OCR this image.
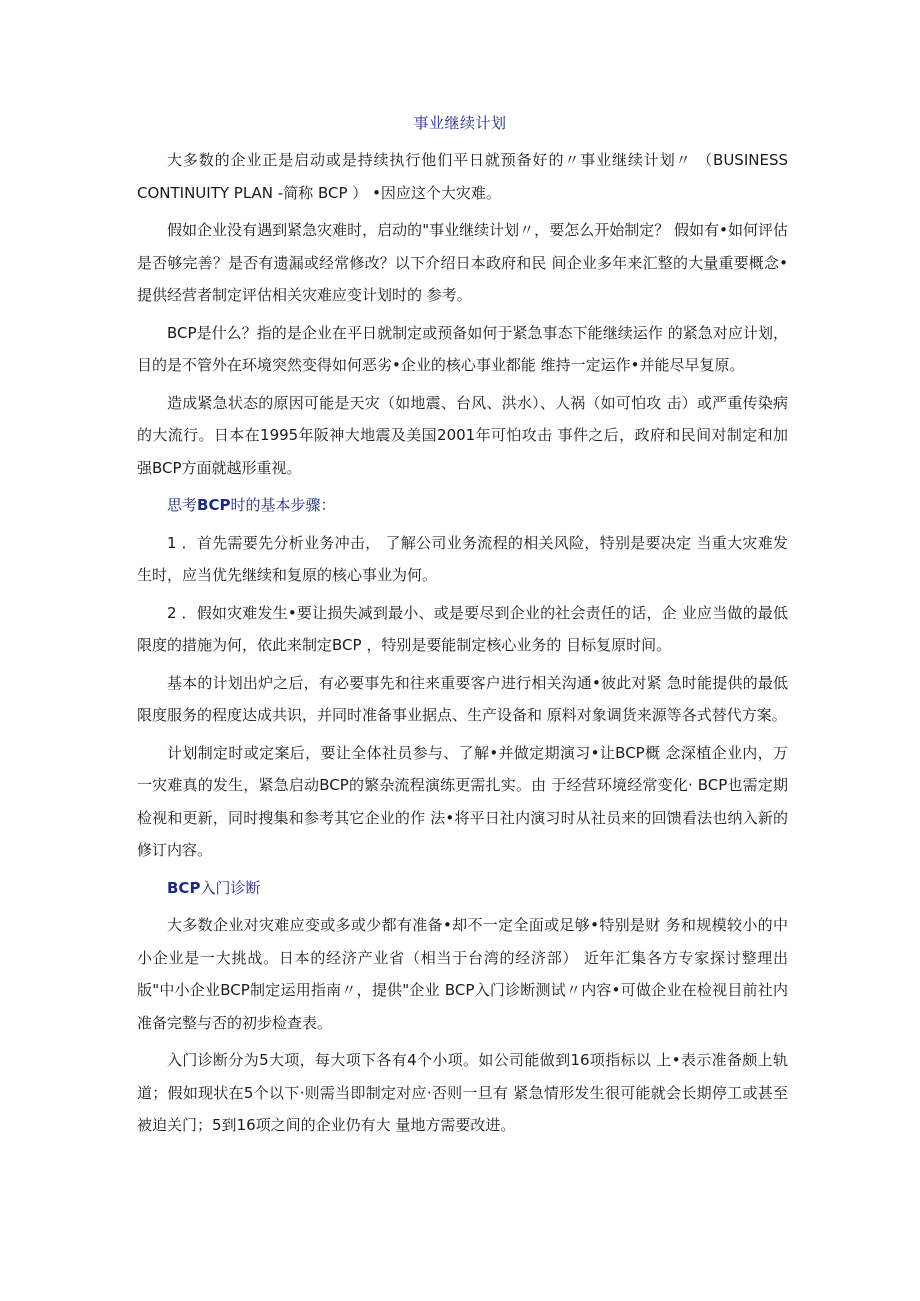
事业继续计划

大多数的企业正是启动或是持续执行他们平日就预备好的〃事业继续计划〃 （BUSINESS CONTINUITY PLAN -简称 BCP ） •因应这个大灾难。

假如企业没有遇到紧急灾难时，启动的"事业继续计划〃，要怎么开始制定？ 假如有•如何评估是否够完善？是否有遗漏或经常修改？以下介绍日本政府和民 间企业多年来汇整的大量重要概念•提供经营者制定评估相关灾难应变计划时的 参考。

BCP是什么？指的是企业在平日就制定或预备如何于紧急事态下能继续运作 的紧急对应计划，目的是不管外在环境突然变得如何恶劣•企业的核心事业都能 维持一定运作•并能尽早复原。

造成紧急状态的原因可能是天灾（如地震、台风、洪水）、人祸（如可怕攻 击）或严重传染病的大流行。日本在1995年阪神大地震及美国2001年可怕攻击 事件之后，政府和民间对制定和加强BCP方面就越形重视。

思考BCP时的基本步骤：

1 ．首先需要先分析业务冲击， 了解公司业务流程的相关风险，特别是要决定 当重大灾难发生时，应当优先继续和复原的核心事业为何。

2 ．假如灾难发生•要让损失减到最小、或是要尽到企业的社会责任的话，企 业应当做的最低限度的措施为何，依此来制定BCP ，特别是要能制定核心业务的 目标复原时间。

基本的计划出炉之后，有必要事先和往来重要客户进行相关沟通•彼此对紧 急时能提供的最低限度服务的程度达成共识，并同时准备事业据点、生产设备和 原料对象调货来源等各式替代方案。

计划制定时或定案后，要让全体社员参与、了解•并做定期演习•让BCP概 念深植企业内，万一灾难真的发生，紧急启动BCP的繁杂流程演练更需扎实。由 于经营环境经常变化· BCP也需定期检视和更新，同时搜集和参考其它企业的作 法•将平日社内演习时从社员来的回馈看法也纳入新的修订内容。

BCP入门诊断

大多数企业对灾难应变或多或少都有准备•却不一定全面或足够•特别是财 务和规模较小的中小企业是一大挑战。日本的经济产业省（相当于台湾的经济部） 近年汇集各方专家探讨整理出版"中小企业BCP制定运用指南〃，提供"企业 BCP入门诊断测试〃内容•可做企业在检视目前社内准备完整与否的初步检查表。

入门诊断分为5大项，每大项下各有4个小项。如公司能做到16项指标以 上•表示准备颇上轨道；假如现状在5个以下·则需当即制定对应·否则一旦有 紧急情形发生很可能就会长期停工或甚至被迫关门；5到16项之间的企业仍有大 量地方需要改进。
